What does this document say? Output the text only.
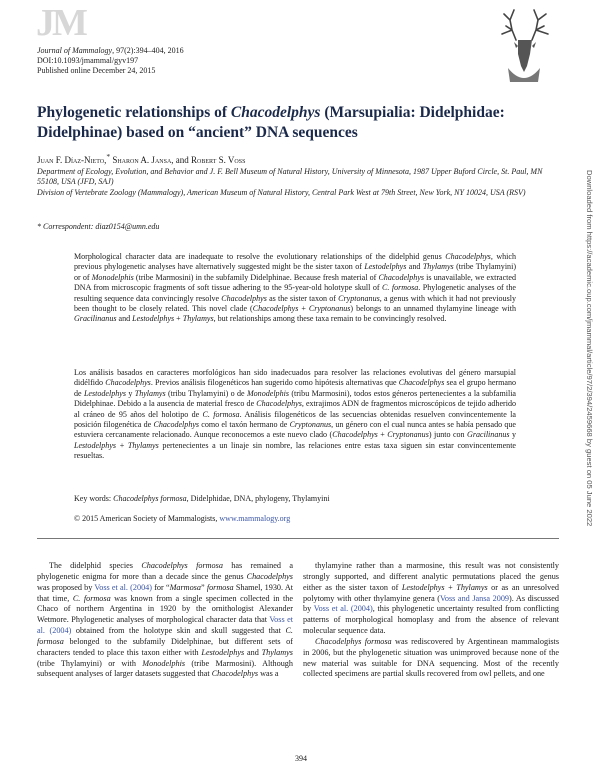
JM
Journal of Mammalogy, 97(2):394–404, 2016
DOI:10.1093/jmammal/gyv197
Published online December 24, 2015
Downloaded from https://academic.oup.com/jmammal/article/97/2/394/2459668 by guest on 05 June 2022
Phylogenetic relationships of Chacodelphys (Marsupialia: Didelphidae: Didelphinae) based on “ancient” DNA sequences
Juan F. Díaz-Nieto,* Sharon A. Jansa, and Robert S. Voss

Department of Ecology, Evolution, and Behavior and J. F. Bell Museum of Natural History, University of Minnesota, 1987 Upper Buford Circle, St. Paul, MN 55108, USA (JFD, SAJ)

Division of Vertebrate Zoology (Mammalogy), American Museum of Natural History, Central Park West at 79th Street, New York, NY 10024, USA (RSV)

* Correspondent: diaz0154@umn.edu
Morphological character data are inadequate to resolve the evolutionary relationships of the didelphid genus Chacodelphys, which previous phylogenetic analyses have alternatively suggested might be the sister taxon of Lestodelphys and Thylamys (tribe Thylamyini) or of Monodelphis (tribe Marmosini) in the subfamily Didelphinae. Because fresh material of Chacodelphys is unavailable, we extracted DNA from microscopic fragments of soft tissue adhering to the 95-year-old holotype skull of C. formosa. Phylogenetic analyses of the resulting sequence data convincingly resolve Chacodelphys as the sister taxon of Cryptonanus, a genus with which it had not previously been thought to be closely related. This novel clade (Chacodelphys + Cryptonanus) belongs to an unnamed thylamyine lineage with Gracilinanus and Lestodelphys + Thylamys, but relationships among these taxa remain to be convincingly resolved.
Los análisis basados en caracteres morfológicos han sido inadecuados para resolver las relaciones evolutivas del género marsupial didélfido Chacodelphys. Previos análisis filogenéticos han sugerido como hipótesis alternativas que Chacodelphys sea el grupo hermano de Lestodelphys y Thylamys (tribu Thylamyini) o de Monodelphis (tribu Marmosini), todos estos géneros pertenecientes a la subfamilia Didelphinae. Debido a la ausencia de material fresco de Chacodelphys, extrajimos ADN de fragmentos microscópicos de tejido adherido al cráneo de 95 años del holotipo de C. formosa. Análisis filogenéticos de las secuencias obtenidas resuelven convincentemente la posición filogenética de Chacodelphys como el taxón hermano de Cryptonanus, un género con el cual nunca antes se había pensado que estuviera cercanamente relacionado. Aunque reconocemos a este nuevo clado (Chacodelphys + Cryptonanus) junto con Gracilinanus y Lestodelphys + Thylamys pertenecientes a un linaje sin nombre, las relaciones entre estas taxa siguen sin estar convincentemente resueltas.
Key words: Chacodelphys formosa, Didelphidae, DNA, phylogeny, Thylamyini
© 2015 American Society of Mammalogists, www.mammalogy.org

The didelphid species Chacodelphys formosa has remained a phylogenetic enigma for more than a decade since the genus Chacodelphys was proposed by Voss et al. (2004) for “Marmosa” formosa Shamel, 1930. At that time, C. formosa was known from a single specimen collected in the Chaco of northern Argentina in 1920 by the ornithologist Alexander Wetmore. Phylogenetic analyses of morphological character data that Voss et al. (2004) obtained from the holotype skin and skull suggested that C. formosa belonged to the subfamily Didelphinae, but different sets of characters tended to place this taxon either with Lestodelphys and Thylamys (tribe Thylamyini) or with Monodelphis (tribe Marmosini). Although subsequent analyses of larger datasets suggested that Chacodelphys was a

thylamyine rather than a marmosine, this result was not consistently strongly supported, and different analytic permutations placed the genus either as the sister taxon of Lestodelphys + Thylamys or as an unresolved polytomy with other thylamyine genera (Voss and Jansa 2009). As discussed by Voss et al. (2004), this phylogenetic uncertainty resulted from conflicting patterns of morphological homoplasy and from the absence of relevant molecular sequence data.

Chacodelphys formosa was rediscovered by Argentinean mammalogists in 2006, but the phylogenetic situation was unimproved because none of the new material was suitable for DNA sequencing. Most of the recently collected specimens are partial skulls recovered from owl pellets, and one

394
